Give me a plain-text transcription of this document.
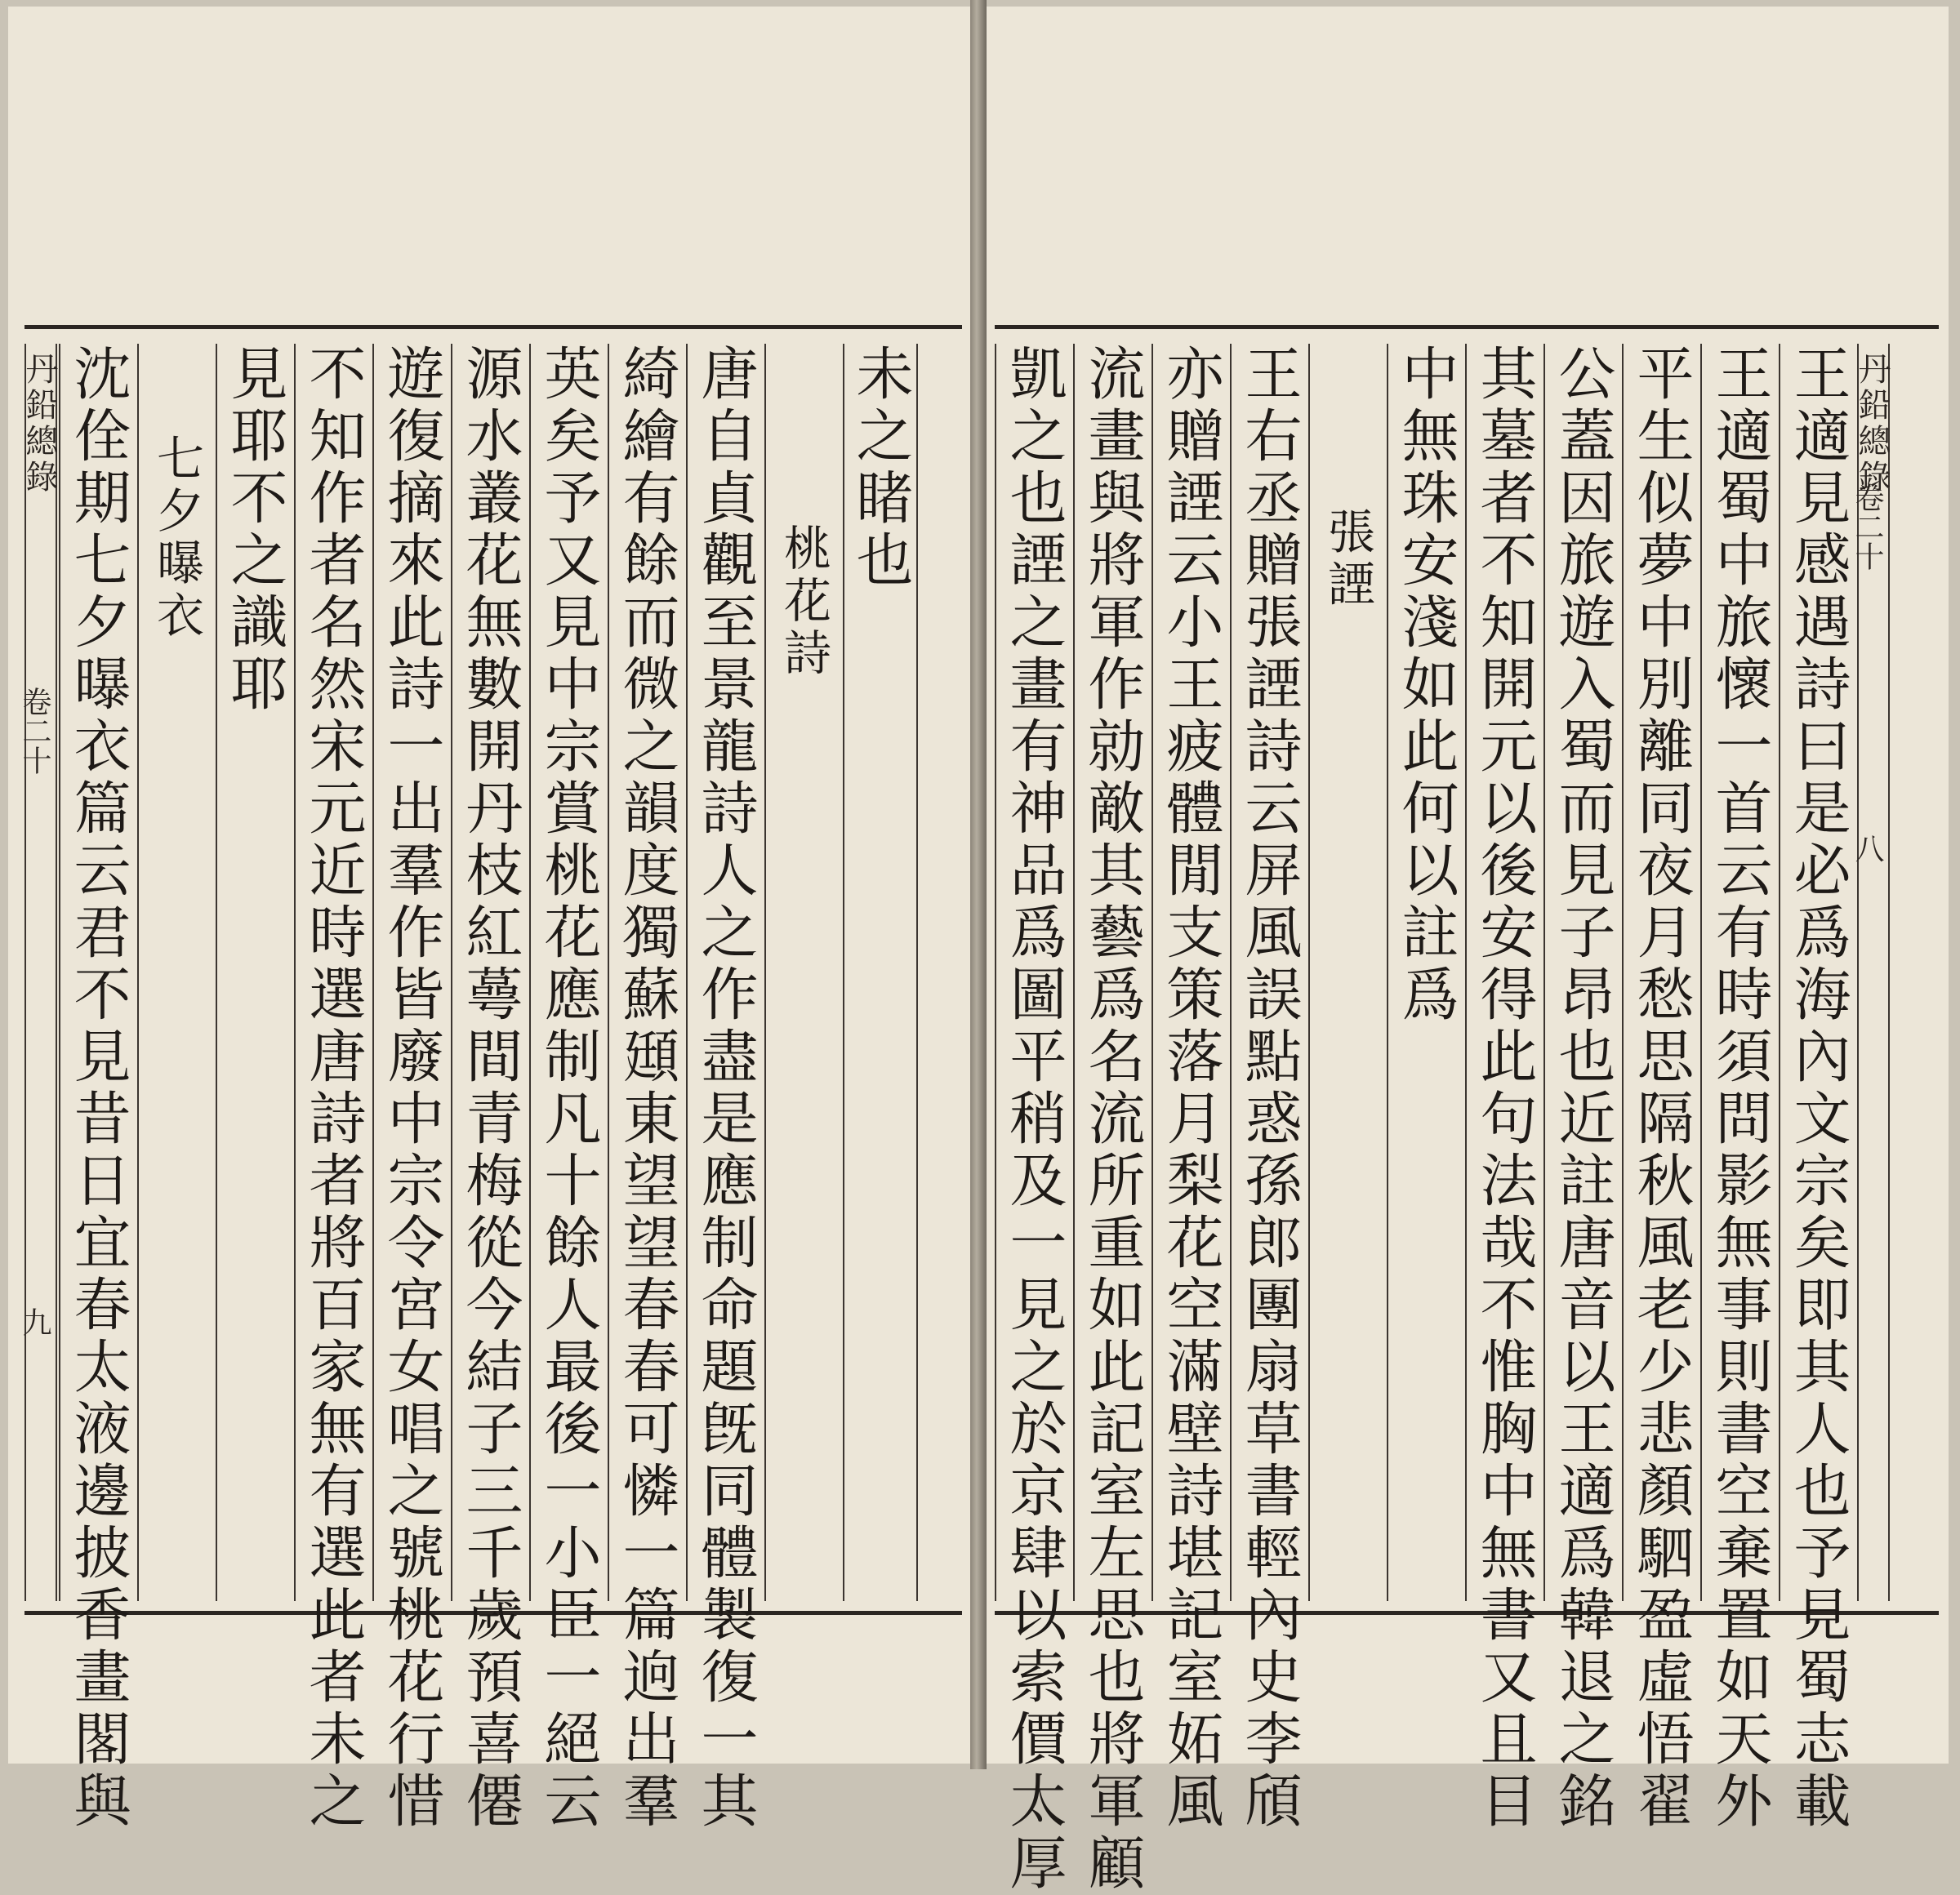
丹鉛總錄
卷二十
九 沈佺期七夕曝衣篇云君不見昔日宜春太液邊披香畫閣與 七夕曝衣 見耶不之識耶 不知作者名然宋元近時選唐詩者將百家無有選此者未之 遊復摘來此詩一出羣作皆廢中宗令宮女唱之號桃花行惜 源水叢花無數開丹枝紅蕚間青梅從今結子三千歲預喜僊 英矣予又見中宗賞桃花應制凡十餘人最後一小臣一絕云 綺繪有餘而微之韻度獨蘇頲東望望春春可憐一篇逈出羣 唐自貞觀至景龍詩人之作盡是應制命題旣同體製復一其 桃花詩
未之睹也 凱之也諲之畫有神品爲圖平稍及一見之於京肆以索價太厚 流畫與將軍作勍敵其藝爲名流所重如此記室左思也將軍顧 亦贈諲云小王疲體閒支策落月梨花空滿壁詩堪記室妬風 王右丞贈張諲詩云屏風誤點惑孫郎團扇草書輕內史李頎 張諲 中無珠安淺如此何以註爲 其墓者不知開元以後安得此句法哉不惟胸中無書又且目 公蓋因旅遊入蜀而見子昂也近註唐音以王適爲韓退之銘 平生似夢中別離同夜月愁思隔秋風老少悲顏駟盈虛悟翟 王適蜀中旅懷一首云有時須問影無事則書空棄置如天外 王適見感遇詩曰是必爲海內文宗矣即其人也予見蜀志載 丹鉛總錄
卷二十
八
